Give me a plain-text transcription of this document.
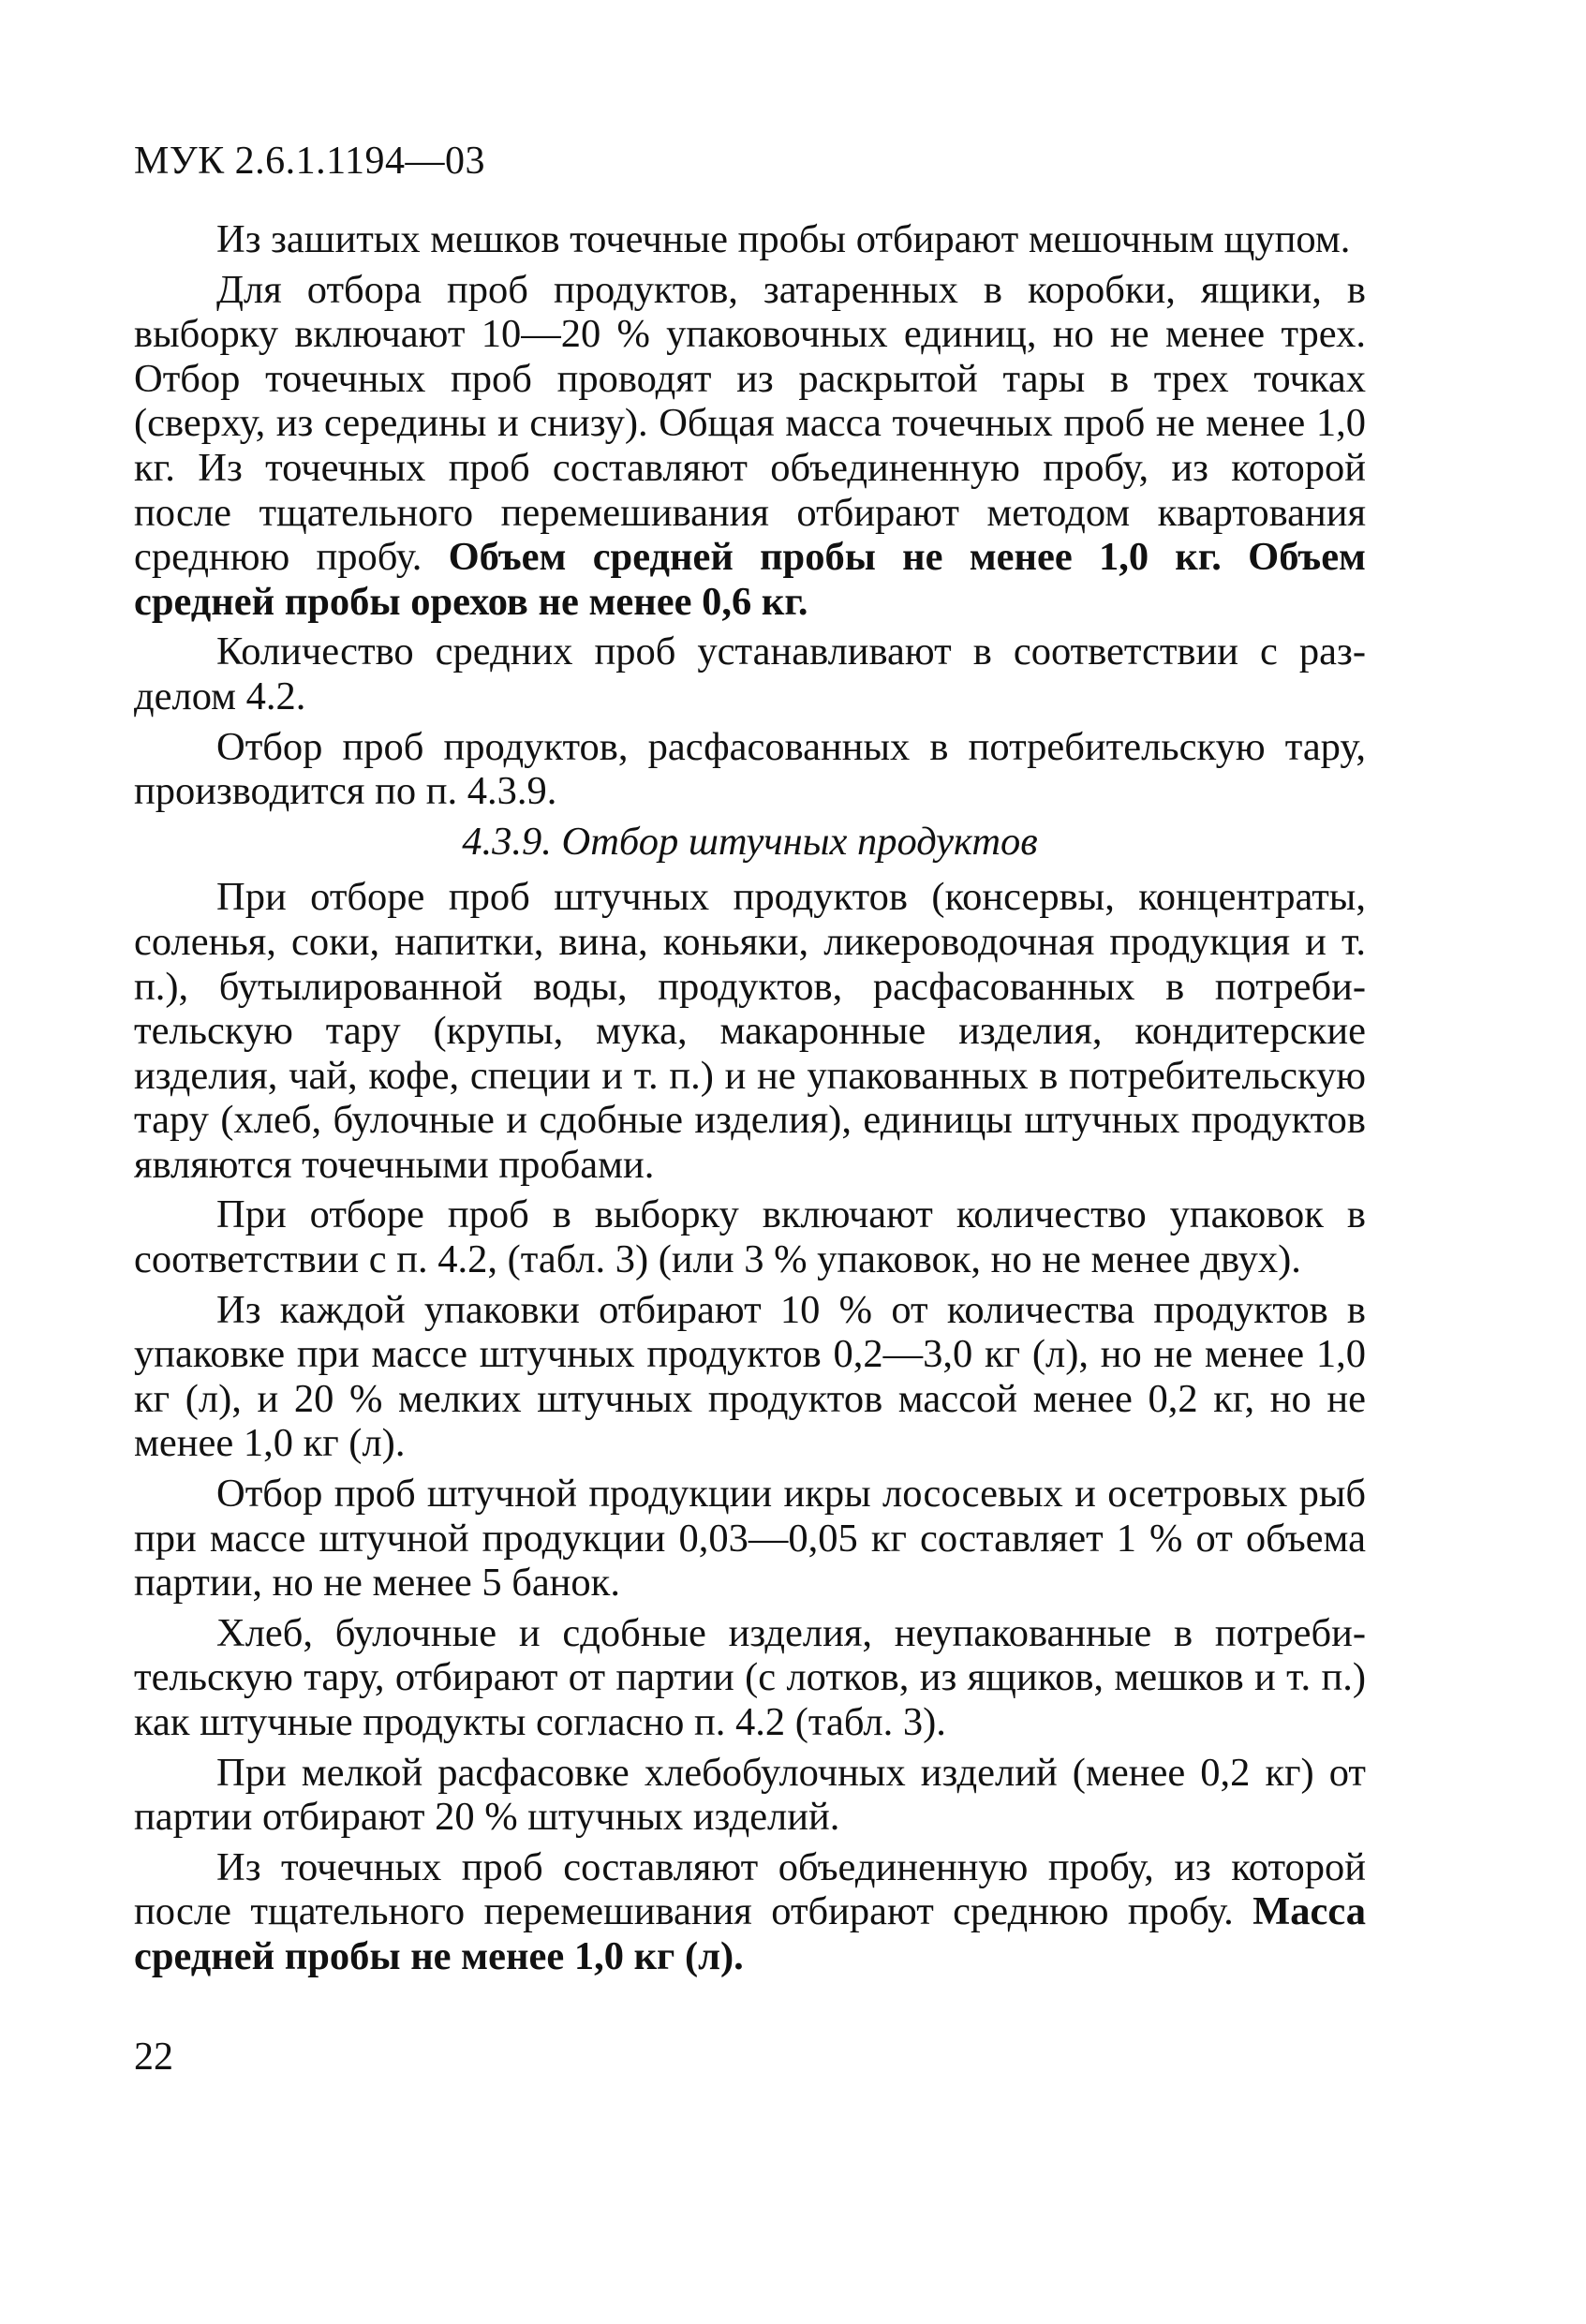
МУК 2.6.1.1194—03

Из зашитых мешков точечные пробы отбирают мешочным щупом.

Для отбора проб продуктов, затаренных в коробки, ящики, в выборку включают 10—20 % упаковочных единиц, но не менее трех. Отбор точечных проб проводят из раскрытой тары в трех точках (сверху, из середины и снизу). Общая масса точечных проб не менее 1,0 кг. Из точечных проб составляют объединенную пробу, из которой после тщательного перемешивания отбирают методом квартования среднюю пробу. Объем средней пробы не менее 1,0 кг. Объем средней пробы орехов не менее 0,6 кг.

Количество средних проб устанавливают в соответствии с разделом 4.2.

Отбор проб продуктов, расфасованных в потребительскую тару, производится по п. 4.3.9.

4.3.9. Отбор штучных продуктов

При отборе проб штучных продуктов (консервы, концентраты, соленья, соки, напитки, вина, коньяки, ликероводочная продукция и т. п.), бутылированной воды, продуктов, расфасованных в потребительскую тару (крупы, мука, макаронные изделия, кондитерские изделия, чай, кофе, специи и т. п.) и не упакованных в потребительскую тару (хлеб, булочные и сдобные изделия), единицы штучных продуктов являются точечными пробами.

При отборе проб в выборку включают количество упаковок в соответствии с п. 4.2, (табл. 3) (или 3 % упаковок, но не менее двух).

Из каждой упаковки отбирают 10 % от количества продуктов в упаковке при массе штучных продуктов 0,2—3,0 кг (л), но не менее 1,0 кг (л), и 20 % мелких штучных продуктов массой менее 0,2 кг, но не менее 1,0 кг (л).

Отбор проб штучной продукции икры лососевых и осетровых рыб при массе штучной продукции 0,03—0,05 кг составляет 1 % от объема партии, но не менее 5 банок.

Хлеб, булочные и сдобные изделия, неупакованные в потребительскую тару, отбирают от партии (с лотков, из ящиков, мешков и т. п.) как штучные продукты согласно п. 4.2 (табл. 3).

При мелкой расфасовке хлебобулочных изделий (менее 0,2 кг) от партии отбирают 20 % штучных изделий.

Из точечных проб составляют объединенную пробу, из которой после тщательного перемешивания отбирают среднюю пробу. Масса средней пробы не менее 1,0 кг (л).

22
